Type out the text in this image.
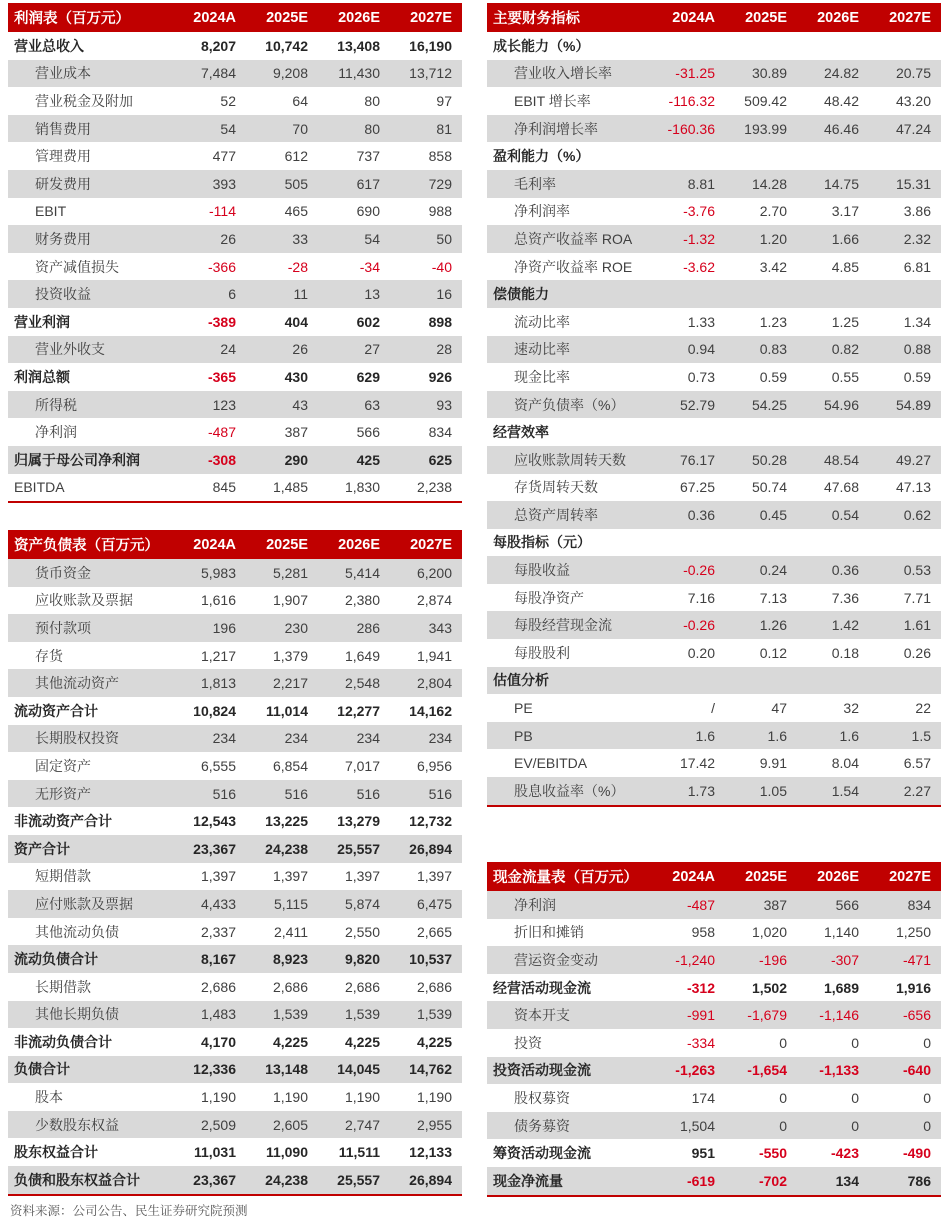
利润表（百万元）	2024A	2025E	2026E	2027E
营业总收入	8,207	10,742	13,408	16,190
营业成本	7,484	9,208	11,430	13,712
营业税金及附加	52	64	80	97
销售费用	54	70	80	81
管理费用	477	612	737	858
研发费用	393	505	617	729
EBIT	-114	465	690	988
财务费用	26	33	54	50
资产减值损失	-366	-28	-34	-40
投资收益	6	11	13	16
营业利润	-389	404	602	898
营业外收支	24	26	27	28
利润总额	-365	430	629	926
所得税	123	43	63	93
净利润	-487	387	566	834
归属于母公司净利润	-308	290	425	625
EBITDA	845	1,485	1,830	2,238
资产负债表（百万元）	2024A	2025E	2026E	2027E
货币资金	5,983	5,281	5,414	6,200
应收账款及票据	1,616	1,907	2,380	2,874
预付款项	196	230	286	343
存货	1,217	1,379	1,649	1,941
其他流动资产	1,813	2,217	2,548	2,804
流动资产合计	10,824	11,014	12,277	14,162
长期股权投资	234	234	234	234
固定资产	6,555	6,854	7,017	6,956
无形资产	516	516	516	516
非流动资产合计	12,543	13,225	13,279	12,732
资产合计	23,367	24,238	25,557	26,894
短期借款	1,397	1,397	1,397	1,397
应付账款及票据	4,433	5,115	5,874	6,475
其他流动负债	2,337	2,411	2,550	2,665
流动负债合计	8,167	8,923	9,820	10,537
长期借款	2,686	2,686	2,686	2,686
其他长期负债	1,483	1,539	1,539	1,539
非流动负债合计	4,170	4,225	4,225	4,225
负债合计	12,336	13,148	14,045	14,762
股本	1,190	1,190	1,190	1,190
少数股东权益	2,509	2,605	2,747	2,955
股东权益合计	11,031	11,090	11,511	12,133
负债和股东权益合计	23,367	24,238	25,557	26,894
主要财务指标	2024A	2025E	2026E	2027E
成长能力（%）
营业收入增长率	-31.25	30.89	24.82	20.75
EBIT 增长率	-116.32	509.42	48.42	43.20
净利润增长率	-160.36	193.99	46.46	47.24
盈利能力（%）
毛利率	8.81	14.28	14.75	15.31
净利润率	-3.76	2.70	3.17	3.86
总资产收益率 ROA	-1.32	1.20	1.66	2.32
净资产收益率 ROE	-3.62	3.42	4.85	6.81
偿债能力
流动比率	1.33	1.23	1.25	1.34
速动比率	0.94	0.83	0.82	0.88
现金比率	0.73	0.59	0.55	0.59
资产负债率（%）	52.79	54.25	54.96	54.89
经营效率
应收账款周转天数	76.17	50.28	48.54	49.27
存货周转天数	67.25	50.74	47.68	47.13
总资产周转率	0.36	0.45	0.54	0.62
每股指标（元）
每股收益	-0.26	0.24	0.36	0.53
每股净资产	7.16	7.13	7.36	7.71
每股经营现金流	-0.26	1.26	1.42	1.61
每股股利	0.20	0.12	0.18	0.26
估值分析
PE	/	47	32	22
PB	1.6	1.6	1.6	1.5
EV/EBITDA	17.42	9.91	8.04	6.57
股息收益率（%）	1.73	1.05	1.54	2.27
现金流量表（百万元）	2024A	2025E	2026E	2027E
净利润	-487	387	566	834
折旧和摊销	958	1,020	1,140	1,250
营运资金变动	-1,240	-196	-307	-471
经营活动现金流	-312	1,502	1,689	1,916
资本开支	-991	-1,679	-1,146	-656
投资	-334	0	0	0
投资活动现金流	-1,263	-1,654	-1,133	-640
股权募资	174	0	0	0
债务募资	1,504	0	0	0
筹资活动现金流	951	-550	-423	-490
现金净流量	-619	-702	134	786
资料来源：公司公告、民生证券研究院预测
